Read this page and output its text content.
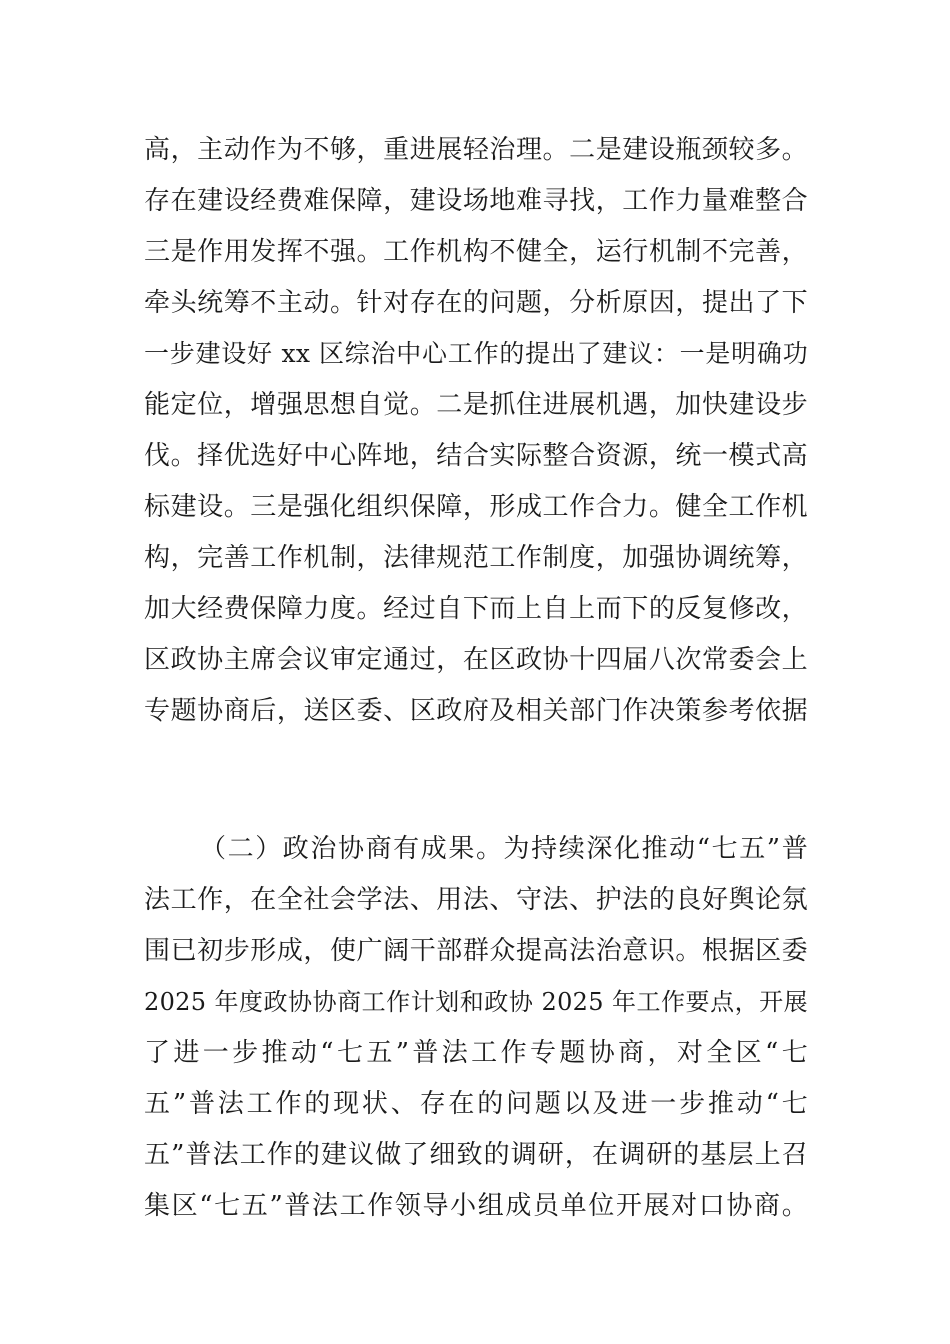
高，主动作为不够，重进展轻治理。二是建设瓶颈较多。
存在建设经费难保障，建设场地难寻找，工作力量难整合
三是作用发挥不强。工作机构不健全，运行机制不完善，
牵头统筹不主动。针对存在的问题，分析原因，提出了下
一步建设好 xx 区综治中心工作的提出了建议：一是明确功
能定位，增强思想自觉。二是抓住进展机遇，加快建设步
伐。择优选好中心阵地，结合实际整合资源，统一模式高
标建设。三是强化组织保障，形成工作合力。健全工作机
构，完善工作机制，法律规范工作制度，加强协调统筹，
加大经费保障力度。经过自下而上自上而下的反复修改，
区政协主席会议审定通过，在区政协十四届八次常委会上
专题协商后，送区委、区政府及相关部门作决策参考依据
（二）政治协商有成果。为持续深化推动“七五”普
法工作，在全社会学法、用法、守法、护法的良好舆论氛
围已初步形成，使广阔干部群众提高法治意识。根据区委
2025 年度政协协商工作计划和政协 2025 年工作要点，开展
了进一步推动“七五”普法工作专题协商，对全区“七
五”普法工作的现状、存在的问题以及进一步推动“七
五”普法工作的建议做了细致的调研，在调研的基层上召
集区“七五”普法工作领导小组成员单位开展对口协商。
